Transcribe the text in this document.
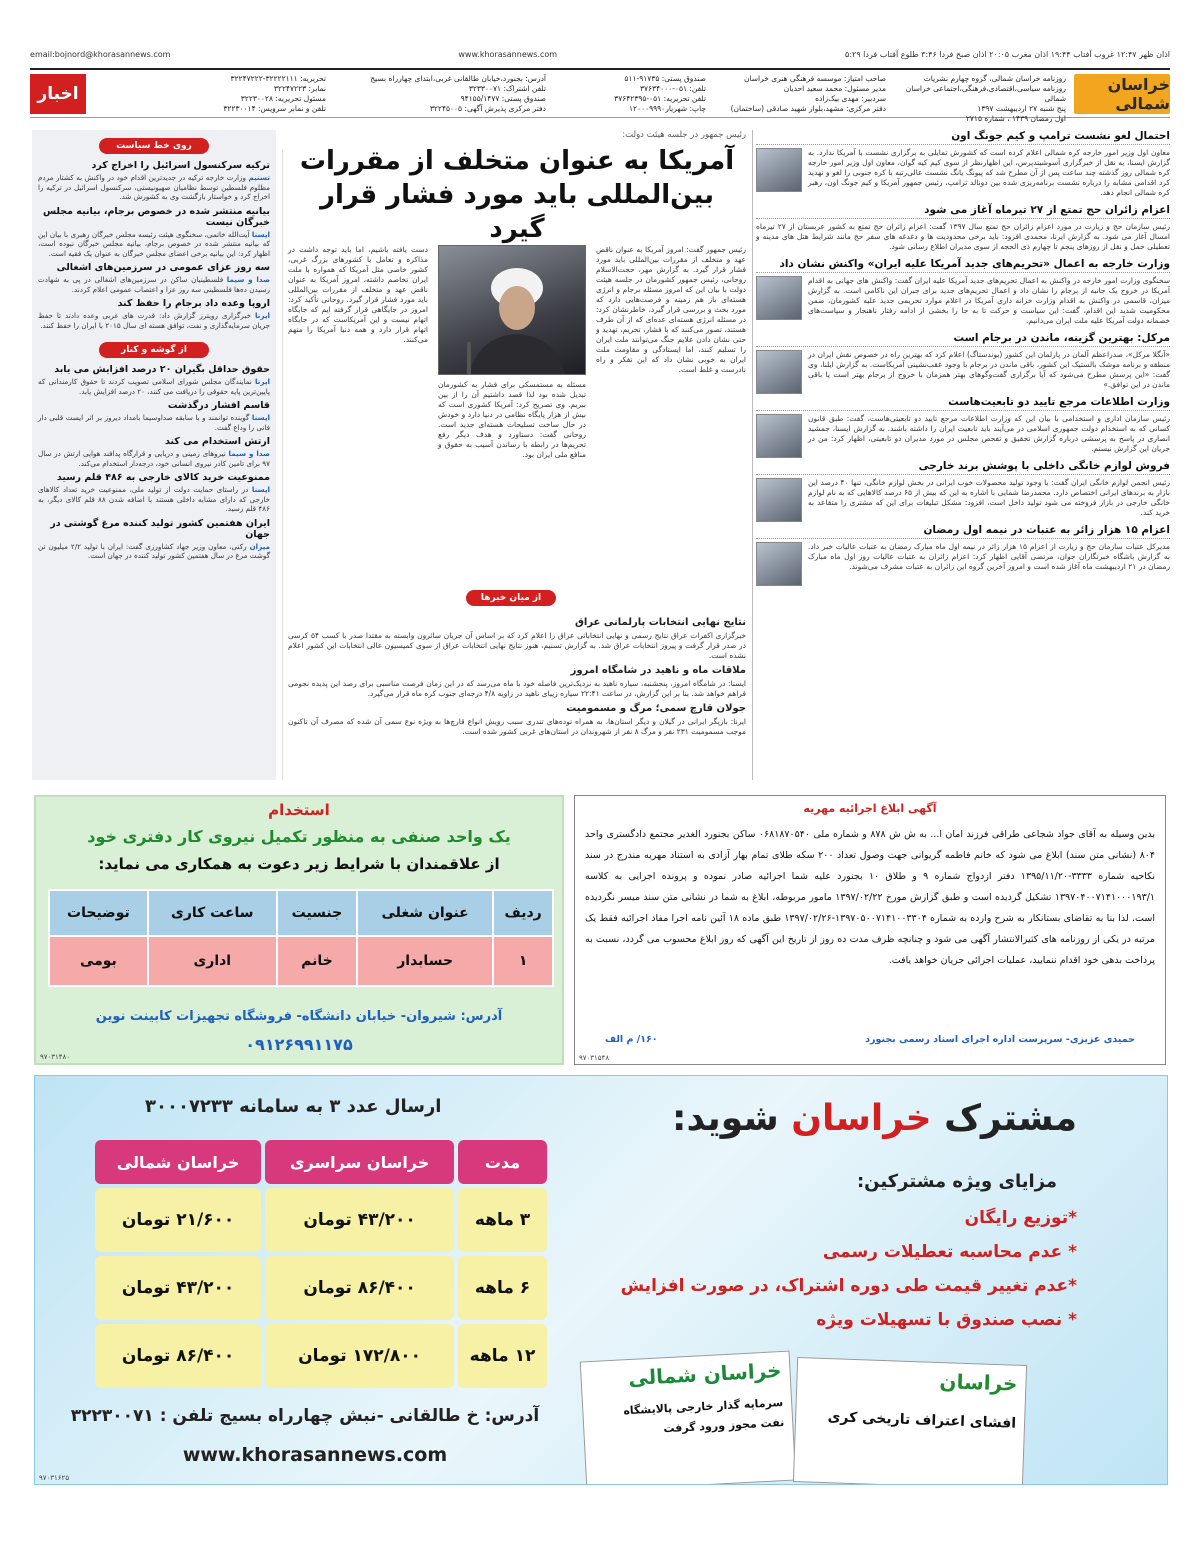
اذان ظهر ۱۲:۴۷ غروب آفتاب ۱۹:۴۴ اذان مغرب ۲۰:۰۵ اذان صبح فردا ۳:۴۶ طلوع آفتاب فردا ۵:۲۹
www.khorasannews.com
email:bojnord@khorasannews.com
خراسان شمالی
روزنامه خراسان شمالی، گروه چهارم نشریات
روزنامه سیاسی،اقتصادی،فرهنگی،اجتماعی خراسان شمالی
پنج شنبه ۲۷ اردیبهشت ۱۳۹۷
اول رمضان ۱۴۳۹ ، شماره ۲۷۱۵
صاحب امتیاز: موسسه فرهنگی هنری خراسان
مدیر مسئول: محمد سعید احدیان
سردبیر: مهدی بیک‌زاده
دفتر مرکزی: مشهد،بلوار شهید صادقی (ساختمان)
صندوق پستی: ۹۱۷۳۵-۵۱۱
تلفن: ۰۵۱-۳۷۶۳۴۰۰۰
تلفن تحریریه: ۰۵۱-۳۷۶۴۲۳۹۵
چاپ: شهریار۱۲۰۰۰۹۹۹۰
آدرس: بجنورد،خیابان طالقانی غربی،ابتدای چهارراه بسیج
تلفن اشتراک: ۳۲۳۳۰۰۷۱
صندوق پستی: ۹۴۱۵۵/۱۴۷۷
دفتر مرکزی پذیرش آگهی: ۳۲۲۴۵۰۰۵
تحریریه: ۳۲۲۲۲۱۱۱-۳۲۲۴۷۲۲۲
نمابر: ۳۲۲۴۷۲۲۳
مسئول تحریریه: ۳۲۲۳۰۰۲۸
تلفن و نمابر سرویس: ۳۲۲۳۰۰۱۴
اخبار
احتمال لغو نشست ترامپ و کیم جونگ اون
معاون اول وزیر امور خارجه کره شمالی اعلام کرده است که کشورش تمایلی به برگزاری نشست با آمریکا ندارد. به گزارش ایسنا، به نقل از خبرگزاری آسوشیتدپرس، این اظهارنظر از سوی کیم کیه گوان، معاون اول وزیر امور خارجه کره شمالی روز گذشته چند ساعت پس از آن مطرح شد که پیونگ یانگ نشست عالی‌رتبه با کره جنوبی را لغو و تهدید کرد اقدامی مشابه را درباره نشست برنامه‌ریزی شده بین دونالد ترامپ، رئیس جمهور آمریکا و کیم جونگ اون، رهبر کره شمالی انجام دهد.
اعزام زائران حج تمتع از ۲۷ تیرماه آغاز می شود
رئیس سازمان حج و زیارت در مورد اعزام زائران حج تمتع سال ۱۳۹۷ گفت: اعزام زائران حج تمتع به کشور عربستان از ۲۷ تیرماه امسال آغاز می شود. به گزارش ایرنا، محمدی افزود: باید برخی محدودیت ها و دغدغه های سفر حج مانند شرایط هتل های مدینه و تعطیلی حمل و نقل از روزهای پنجم تا چهارم ذی الحجه از سوی مدیران اطلاع رسانی شود.
وزارت خارجه به اعمال «تحریم‌های جدید آمریکا علیه ایران» واکنش نشان داد
سخنگوی وزارت امور خارجه در واکنش به اعمال تحریم‌های جدید آمریکا علیه ایران گفت: واکنش های جهانی به اقدام آمریکا در خروج یک جانبه از برجام را نشان داد و اعمال تحریم‌های جدید برای جبران این ناکامی است. به گزارش میزان، قاسمی در واکنش به اقدام وزارت خزانه داری آمریکا در اعلام موارد تحریمی جدید علیه کشورمان، ضمن محکومیت شدید این اقدام، گفت: این سیاست و حرکت تا به جا را بخشی از ادامه رفتار ناهنجار و سیاست‌های خصمانه دولت آمریکا علیه ملت ایران می‌دانیم.
مرکل: بهترین گزینه، ماندن در برجام است
«آنگلا مرکل»، صدراعظم آلمان در پارلمان این کشور (بوندستاگ) اعلام کرد که بهترین راه در خصوص نقش ایران در منطقه و برنامه موشک بالستیک این کشور، باقی ماندن در برجام با وجود عقب‌نشینی آمریکاست. به گزارش ایلنا، وی گفت: «این پرسش مطرح می‌شود که آیا برگزاری گفت‌وگوهای بهتر همزمان با خروج از برجام بهتر است یا باقی ماندن در این توافق.»
وزارت اطلاعات مرجع تایید دو تابعیت‌هاست
رئیس سازمان اداری و استخدامی با بیان این که وزارت اطلاعات مرجع تایید دو تابعیتی‌هاست، گفت: طبق قانون کسانی که به استخدام دولت جمهوری اسلامی در می‌آیند باید تابعیت ایران را داشته باشند. به گزارش ایسنا، جمشید انصاری در پاسخ به پرسشی درباره گزارش تحقیق و تفحص مجلس در مورد مدیران دو تابعیتی، اظهار کرد: من در جریان این گزارش نیستم.
فروش لوازم خانگی داخلی با پوشش برند خارجی
رئیس انجمن لوازم خانگی ایران گفت: با وجود تولید محصولات خوب ایرانی در بخش لوازم خانگی، تنها ۴۰ درصد این بازار به برندهای ایرانی اختصاص دارد. محمدرضا شمایی با اشاره به این که بیش از ۶۵ درصد کالاهایی که به نام لوازم خانگی خارجی در بازار فروخته می شود تولید داخل است، افزود: مشکل تبلیغات برای این که مشتری را متقاعد به خرید کند.
اعزام ۱۵ هزار زائر به عتبات در نیمه اول رمضان
مدیرکل عتبات سازمان حج و زیارت از اعزام ۱۵ هزار زائر در نیمه اول ماه مبارک رمضان به عتبات عالیات خبر داد. به گزارش باشگاه خبرنگاران جوان، مرتضی آقایی اظهار کرد: اعزام زائران به عتبات عالیات روز اول ماه مبارک رمضان در ۲۱ اردیبهشت ماه آغاز شده است و امروز آخرین گروه این زائران به عتبات مشرف می‌شوند.
رئیس جمهور در جلسه هیئت دولت:
آمریکا به عنوان متخلف از مقررات بین‌المللی باید مورد فشار قرار گیرد
رئیس جمهور گفت: امروز آمریکا به عنوان ناقض عهد و متخلف از مقررات بین‌المللی باید مورد فشار قرار گیرد. به گزارش مهر، حجت‌الاسلام روحانی، رئیس جمهور کشورمان در جلسه هیئت دولت با بیان این که امروز مسئله برجام و انرژی هسته‌ای باز هم زمینه و فرصت‌هایی دارد که مورد بحث و بررسی قرار گیرد، خاطرنشان کرد: در مسئله انرژی هسته‌ای عده‌ای که از آن طرف هستند، تصور می‌کنند که با فشار، تحریم، تهدید و حتی نشان دادن علایم جنگ می‌توانند ملت ایران را تسلیم کنند، اما ایستادگی و مقاومت ملت ایران به خوبی نشان داد که این تفکر و راه نادرست و غلط است.
مسئله به مستمسکی برای فشار به کشورمان تبدیل شده بود لذا قصد داشتیم آن را از بین ببریم. وی تصریح کرد: آمریکا کشوری است که بیش از هزار پایگاه نظامی در دنیا دارد و خودش در حال ساخت تسلیحات هسته‌ای جدید است. روحانی گفت: دستاورد و هدف دیگر رفع تحریم‌ها در رابطه با رساندن آسیب به حقوق و منافع ملی ایران بود.
دست یافته باشیم، اما باید توجه داشت در مذاکره و تعامل با کشورهای بزرگ غربی، کشور خاصی مثل آمریکا که همواره با ملت ایران تخاصم داشته، امروز آمریکا به عنوان ناقض عهد و متخلف از مقررات بین‌المللی باید مورد فشار قرار گیرد. روحانی تأکید کرد: امروز در جایگاهی قرار گرفته ایم که جایگاه اتهام نیست و این آمریکاست که در جایگاه اتهام قرار دارد و همه دنیا آمریکا را متهم می‌کنند.
از میان خبرها
نتایج نهایی انتخابات پارلمانی عراق
خبرگزاری اکفرات عراق نتایج رسمی و نهایی انتخاباتی عراق را اعلام کرد که بر اساس آن جریان سائرون وابسته به مقتدا صدر با کسب ۵۴ کرسی در صدر قرار گرفت و پیروز انتخابات عراق شد. به گزارش تسنیم، هنوز نتایج نهایی انتخابات عراق از سوی کمیسیون عالی انتخابات این کشور اعلام نشده است.
ملاقات ماه و ناهید در شامگاه امروز
ایسنا: در شامگاه امروز، پنجشنبه، سیاره ناهید به نزدیک‌ترین فاصله خود با ماه می‌رسد که در این زمان فرصت مناسبی برای رصد این پدیده نجومی فراهم خواهد شد. بنا بر این گزارش، در ساعت ۲۲:۴۱ سیاره زیبای ناهید در زاویه ۴/۸ درجه‌ای جنوب کره ماه قرار می‌گیرد.
جولان قارچ سمی؛ مرگ و مسمومیت
ایرنا: بازیگر ایرانی در گیلان و دیگر استان‌ها، به همراه توده‌های تندری سبب رویش انواع قارچ‌ها به ویژه نوع سمی آن شده که مصرف آن تاکنون موجب مسمومیت ۲۳۱ نفر و مرگ ۸ نفر از شهروندان در استان‌های غربی کشور شده است.
روی خط سیاست
ترکیه سرکنسول اسرائیل را اخراج کرد
تسنیم وزارت خارجه ترکیه در جدیدترین اقدام خود در واکنش به کشتار مردم مظلوم فلسطین توسط نظامیان صهیونیستی، سرکنسول اسرائیل در ترکیه را اخراج کرد و خواستار بازگشت وی به کشورش شد.
بیانیه منتشر شده در خصوص برجام، بیانیه مجلس خبرگان نیست
ایسنا آیت‌الله خاتمی، سخنگوی هیئت رئیسه مجلس خبرگان رهبری با بیان این که بیانیه منتشر شده در خصوص برجام، بیانیه مجلس خبرگان نبوده است، اظهار کرد: این بیانیه برخی اعضای مجلس خبرگان به عنوان یک فقیه است.
سه روز عزای عمومی در سرزمین‌های اشغالی
صدا و سیما فلسطینیان ساکن در سرزمین‌های اشغالی در پی به شهادت رسیدن ده‌ها فلسطینی سه روز عزا و اعتصاب عمومی اعلام کردند.
اروپا وعده داد برجام را حفظ کند
ایرنا خبرگزاری رویترز گزارش داد: قدرت های غربی وعده دادند تا حفظ جریان سرمایه‌گذاری و نفت، توافق هسته ای سال ۲۰۱۵ با ایران را حفظ کنند.
از گوشه و کنار
حقوق حداقل بگیران ۲۰ درصد افزایش می یابد
ایرنا نمایندگان مجلس شورای اسلامی تصویب کردند تا حقوق کارمندانی که پایین‌ترین پایه حقوقی را دریافت می کنند، ۲۰ درصد افزایش یابد.
قاسم افشار درگذشت
ایسنا گوینده توانمند و با سابقه صداوسیما بامداد دیروز بر اثر ایست قلبی دار فانی را وداع گفت.
ارتش استخدام می کند
صدا و سیما نیروهای زمینی و دریایی و قرارگاه پدافند هوایی ارتش در سال ۹۷ برای تامین کادر نیروی انسانی خود، درجه‌دار استخدام می‌کند.
ممنوعیت خرید کالای خارجی به ۴۸۶ قلم رسید
ایسنا در راستای حمایت دولت از تولید ملی، ممنوعیت خرید تعداد کالاهای خارجی که دارای مشابه داخلی هستند با اضافه شدن ۸۸ قلم کالای دیگر، به ۴۸۶ قلم رسید.
ایران هفتمین کشور تولید کننده مرغ گوشتی در جهان
میزان رکنی، معاون وزیر جهاد کشاورزی گفت: ایران با تولید ۲/۲ میلیون تن گوشت مرغ در سال هفتمین کشور تولید کننده در جهان است.
استخدام
یک واحد صنفی به منظور تکمیل نیروی کار دفتری خود
از علاقمندان با شرایط زیر دعوت به همکاری می نماید:
ردیف	عنوان شغلی	جنسیت	ساعت کاری	توضیحات
۱	حسابدار	خانم	اداری	بومی
آدرس: شیروان- خیابان دانشگاه- فروشگاه تجهیزات کابینت نوین
۰۹۱۲۶۹۹۱۱۷۵
۹۷۰۳۱۴۸۰
آگهی ابلاغ اجرائیه مهریه
بدین وسیله به آقای جواد شجاعی طراقی فرزند امان ا... به ش ش ۸۷۸ و شماره ملی ۰۶۸۱۸۷۰۵۴۰ ساکن بجنورد الغدیر مجتمع دادگستری واحد ۸۰۴ (نشانی متن سند) ابلاغ می شود که خانم فاطمه گریوانی جهت وصول تعداد ۲۰۰ سکه طلای تمام بهار آزادی به استناد مهریه مندرج در سند نکاحیه شماره ۳۳۳۳-۱۳۹۵/۱۱/۲۰ دفتر ازدواج شماره ۹ و طلاق ۱۰ بجنورد علیه شما اجرائیه صادر نموده و پرونده اجرایی به کلاسه ۱۳۹۷۰۴۰۰۷۱۴۱۰۰۰۱۹۳/۱ تشکیل گردیده است و طبق گزارش مورخ ۱۳۹۷/۰۲/۲۲ مامور مربوطه، ابلاغ به شما در نشانی متن سند میسر نگردیده است. لذا بنا به تقاضای بستانکار به شرح وارده به شماره ۱۳۹۷۰۵۰۰۷۱۴۱۰۰۳۳۰۴-۱۳۹۷/۰۲/۲۶ طبق ماده ۱۸ آئین نامه اجرا مفاد اجرائیه فقط یک مرتبه در یکی از روزنامه های کثیرالانتشار آگهی می شود و چنانچه ظرف مدت ده روز از تاریخ این آگهی که روز ابلاغ محسوب می گردد، نسبت به پرداخت بدهی خود اقدام ننمایید، عملیات اجرائی جریان خواهد یافت.
حمیدی عزیزی- سرپرست اداره اجرای اسناد رسمی بجنورد
۱۶۰/ م الف
۹۷۰۳۱۵۴۸
مشترک خراسان شوید:
مزایای ویژه مشترکین:
*توزیع رایگان
* عدم محاسبه تعطیلات رسمی
*عدم تغییر قیمت طی دوره اشتراک، در صورت افزایش
* نصب صندوق با تسهیلات ویژه
ارسال عدد ۳ به سامانه ۳۰۰۰۷۲۳۳
مدت	خراسان سراسری	خراسان شمالی
۳ ماهه	۴۳/۲۰۰ تومان	۲۱/۶۰۰ تومان
۶ ماهه	۸۶/۴۰۰ تومان	۴۳/۲۰۰ تومان
۱۲ ماهه	۱۷۲/۸۰۰ تومان	۸۶/۴۰۰ تومان
آدرس: خ طالقانی -نبش چهارراه بسیج تلفن : ۳۲۲۳۰۰۷۱
www.khorasannews.com
خراسان شمالی
سرمایه گذار خارجی پالایشگاه
نفت مجوز ورود گرفت
خراسان
افشای اعتراف تاریخی کری
۹۷۰۳۱۶۲۵
